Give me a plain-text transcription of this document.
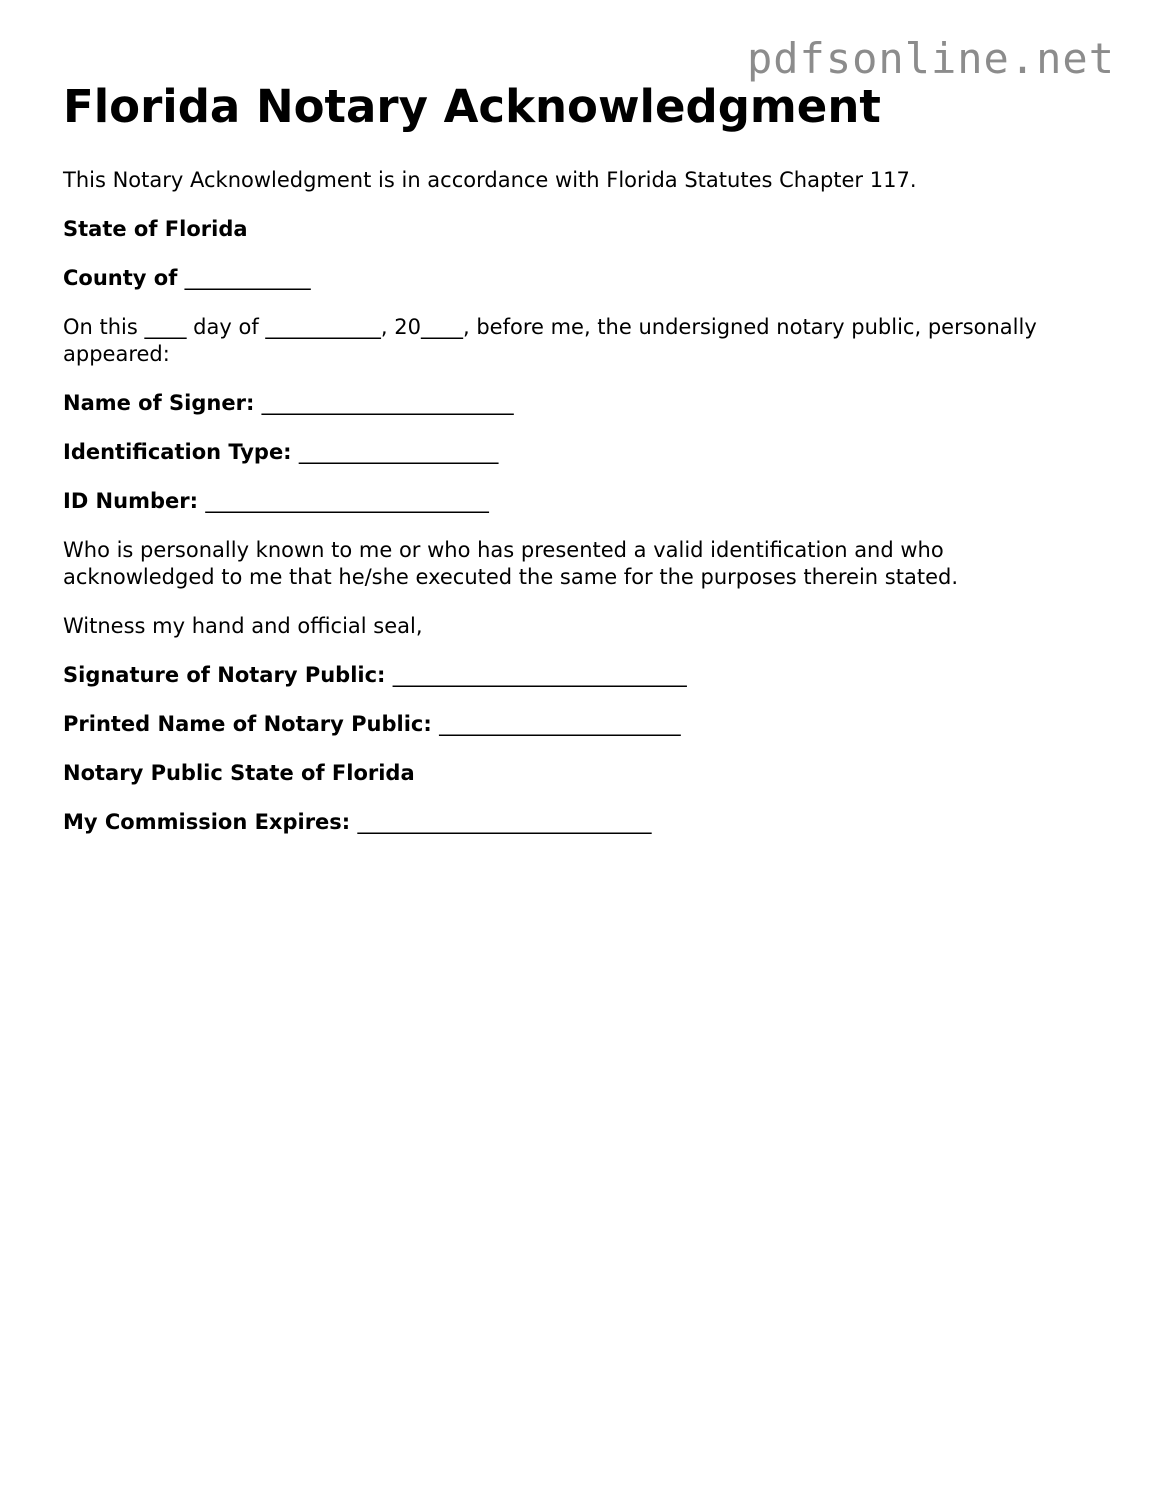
pdfsonline.net
Florida Notary Acknowledgment

This Notary Acknowledgment is in accordance with Florida Statutes Chapter 117.

State of Florida

County of ____________

On this ____ day of ___________, 20____, before me, the undersigned notary public, personally appeared:

Name of Signer: ________________________

Identification Type: ___________________

ID Number: ___________________________

Who is personally known to me or who has presented a valid identification and who acknowledged to me that he/she executed the same for the purposes therein stated.

Witness my hand and official seal,

Signature of Notary Public: ____________________________

Printed Name of Notary Public: _______________________

Notary Public State of Florida

My Commission Expires: ____________________________
